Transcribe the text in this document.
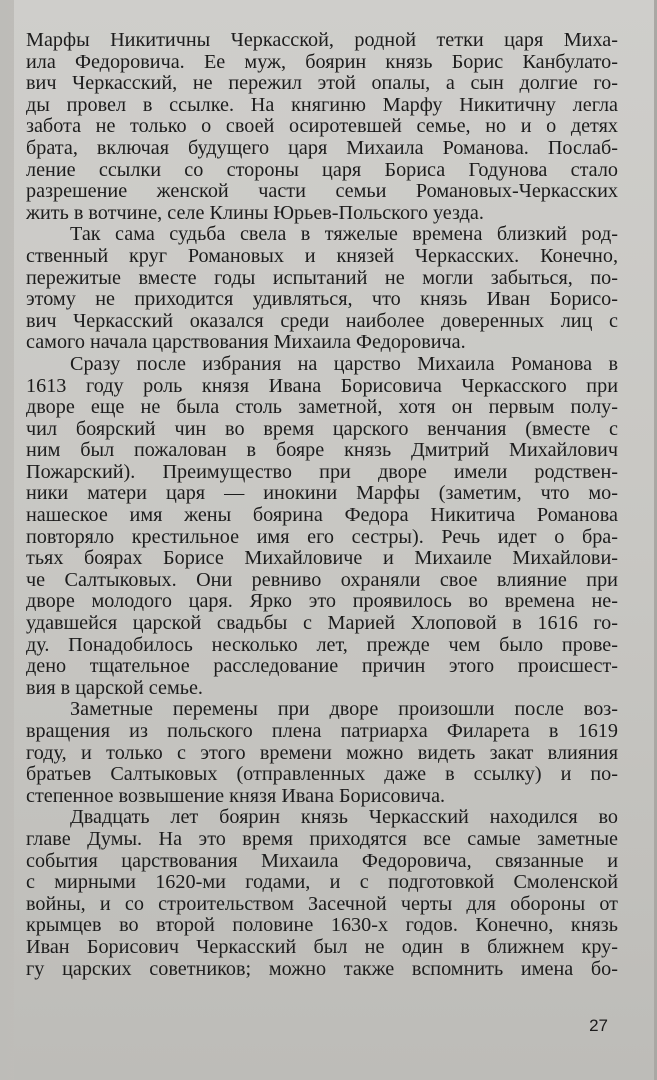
Марфы Никитичны Черкасской, родной тетки царя Миха-
ила Федоровича. Ее муж, боярин князь Борис Канбулато-
вич Черкасский, не пережил этой опалы, а сын долгие го-
ды провел в ссылке. На княгиню Марфу Никитичну легла
забота не только о своей осиротевшей семье, но и о детях
брата, включая будущего царя Михаила Романова. Послаб-
ление ссылки со стороны царя Бориса Годунова стало
разрешение женской части семьи Романовых-Черкасских
жить в вотчине, селе Клины Юрьев-Польского уезда.
Так сама судьба свела в тяжелые времена близкий род-
ственный круг Романовых и князей Черкасских. Конечно,
пережитые вместе годы испытаний не могли забыться, по-
этому не приходится удивляться, что князь Иван Борисо-
вич Черкасский оказался среди наиболее доверенных лиц с
самого начала царствования Михаила Федоровича.
Сразу после избрания на царство Михаила Романова в
1613 году роль князя Ивана Борисовича Черкасского при
дворе еще не была столь заметной, хотя он первым полу-
чил боярский чин во время царского венчания (вместе с
ним был пожалован в бояре князь Дмитрий Михайлович
Пожарский). Преимущество при дворе имели родствен-
ники матери царя — инокини Марфы (заметим, что мо-
нашеское имя жены боярина Федора Никитича Романова
повторяло крестильное имя его сестры). Речь идет о бра-
тьях боярах Борисе Михайловиче и Михаиле Михайлови-
че Салтыковых. Они ревниво охраняли свое влияние при
дворе молодого царя. Ярко это проявилось во времена не-
удавшейся царской свадьбы с Марией Хлоповой в 1616 го-
ду. Понадобилось несколько лет, прежде чем было прове-
дено тщательное расследование причин этого происшест-
вия в царской семье.
Заметные перемены при дворе произошли после воз-
вращения из польского плена патриарха Филарета в 1619
году, и только с этого времени можно видеть закат влияния
братьев Салтыковых (отправленных даже в ссылку) и по-
степенное возвышение князя Ивана Борисовича.
Двадцать лет боярин князь Черкасский находился во
главе Думы. На это время приходятся все самые заметные
события царствования Михаила Федоровича, связанные и
с мирными 1620-ми годами, и с подготовкой Смоленской
войны, и со строительством Засечной черты для обороны от
крымцев во второй половине 1630-х годов. Конечно, князь
Иван Борисович Черкасский был не один в ближнем кру-
гу царских советников; можно также вспомнить имена бо-
27
